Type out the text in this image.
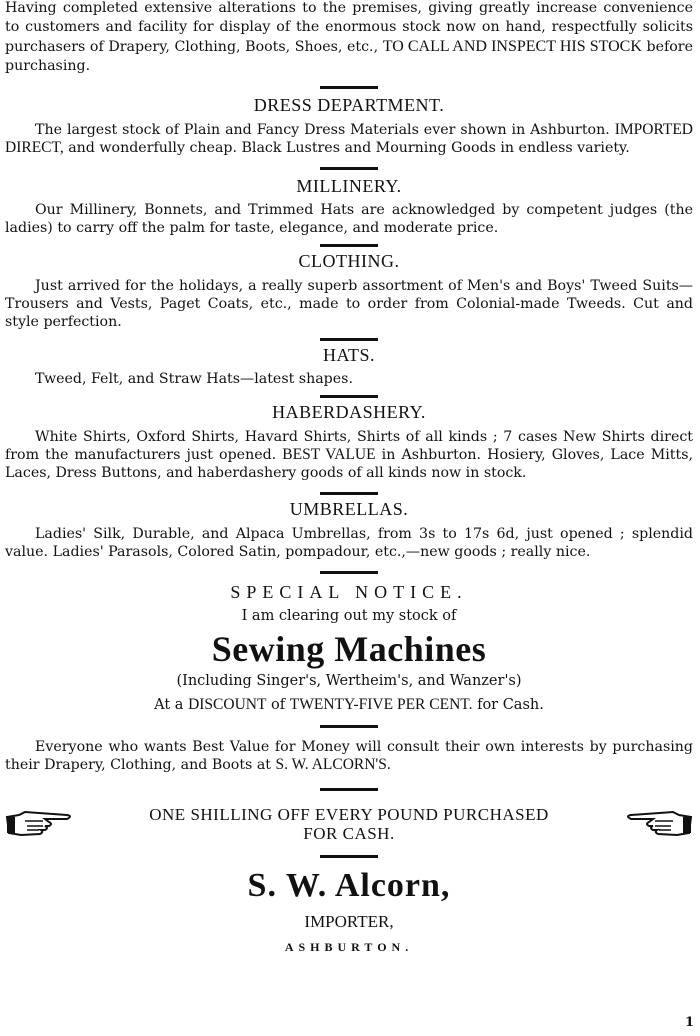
Having completed extensive alterations to the premises, giving greatly increase convenience to customers and facility for display of the enormous stock now on hand, respectfully solicits purchasers of Drapery, Clothing, Boots, Shoes, etc., TO CALL AND INSPECT HIS STOCK before purchasing.

DRESS DEPARTMENT.

The largest stock of Plain and Fancy Dress Materials ever shown in Ashburton. IMPORTED DIRECT, and wonderfully cheap. Black Lustres and Mourning Goods in endless variety.

MILLINERY.

Our Millinery, Bonnets, and Trimmed Hats are acknowledged by competent judges (the ladies) to carry off the palm for taste, elegance, and moderate price.

CLOTHING.

Just arrived for the holidays, a really superb assortment of Men's and Boys' Tweed Suits—Trousers and Vests, Paget Coats, etc., made to order from Colonial-made Tweeds. Cut and style perfection.

HATS.

Tweed, Felt, and Straw Hats—latest shapes.

HABERDASHERY.

White Shirts, Oxford Shirts, Havard Shirts, Shirts of all kinds ; 7 cases New Shirts direct from the manufacturers just opened. BEST VALUE in Ashburton. Hosiery, Gloves, Lace Mitts, Laces, Dress Buttons, and haberdashery goods of all kinds now in stock.

UMBRELLAS.

Ladies' Silk, Durable, and Alpaca Umbrellas, from 3s to 17s 6d, just opened ; splendid value. Ladies' Parasols, Colored Satin, pompadour, etc.,—new goods ; really nice.

SPECIAL NOTICE.

I am clearing out my stock of

Sewing Machines

(Including Singer's, Wertheim's, and Wanzer's)

At a DISCOUNT of TWENTY-FIVE PER CENT. for Cash.

Everyone who wants Best Value for Money will consult their own interests by purchasing their Drapery, Clothing, and Boots at S. W. ALCORN'S.

ONE SHILLING OFF EVERY POUND PURCHASED
FOR CASH.

S. W. Alcorn,

IMPORTER,

ASHBURTON.

1
